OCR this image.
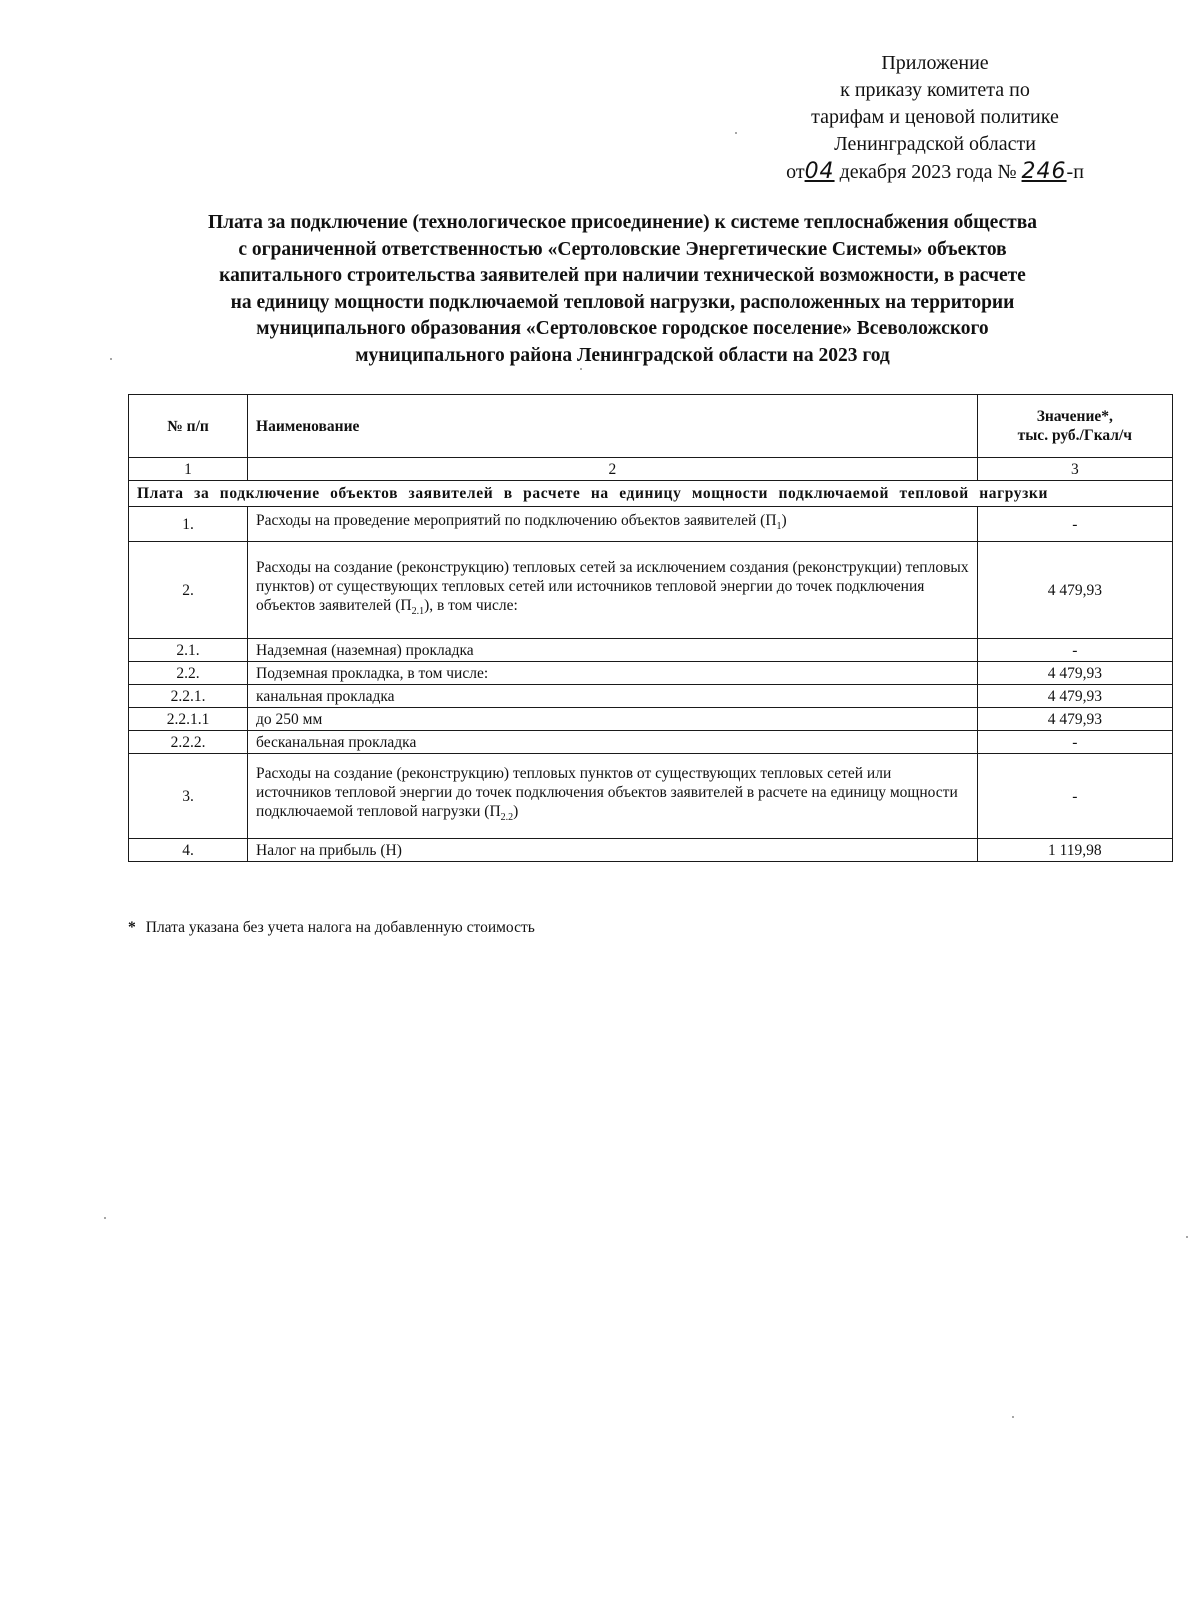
Приложение
к приказу комитета по
тарифам и ценовой политике
Ленинградской области
от04 декабря 2023 года № 246-п
Плата за подключение (технологическое присоединение) к системе теплоснабжения общества
с ограниченной ответственностью «Сертоловские Энергетические Системы» объектов
капитального строительства заявителей при наличии технической возможности, в расчете
на единицу мощности подключаемой тепловой нагрузки, расположенных на территории
муниципального образования «Сертоловское городское поселение» Всеволожского
муниципального района Ленинградской области на 2023 год
№ п/п	Наименование	Значение*,
тыс. руб./Гкал/ч
1	2	3
Плата за подключение объектов заявителей в расчете на единицу мощности подключаемой тепловой нагрузки		
1.	Расходы на проведение мероприятий по подключению объектов заявителей $(П_1)$	-
2.	Расходы на создание (реконструкцию) тепловых сетей за исключением создания (реконструкции) тепловых пунктов) от существующих тепловых сетей или источников тепловой энергии до точек подключения объектов заявителей $(П_{2.1})$, в том числе:	4 479,93
2.1.	Надземная (наземная) прокладка	-
2.2.	Подземная прокладка, в том числе:	4 479,93
2.2.1.	канальная прокладка	4 479,93
2.2.1.1	до 250 мм	4 479,93
2.2.2.	бесканальная прокладка	-
3.	Расходы на создание (реконструкцию) тепловых пунктов от существующих тепловых сетей или источников тепловой энергии до точек подключения объектов заявителей в расчете на единицу мощности подключаемой тепловой нагрузки $(П_{2.2})$	-
4.	Налог на прибыль (Н)	1 119,98
* Плата указана без учета налога на добавленную стоимость
